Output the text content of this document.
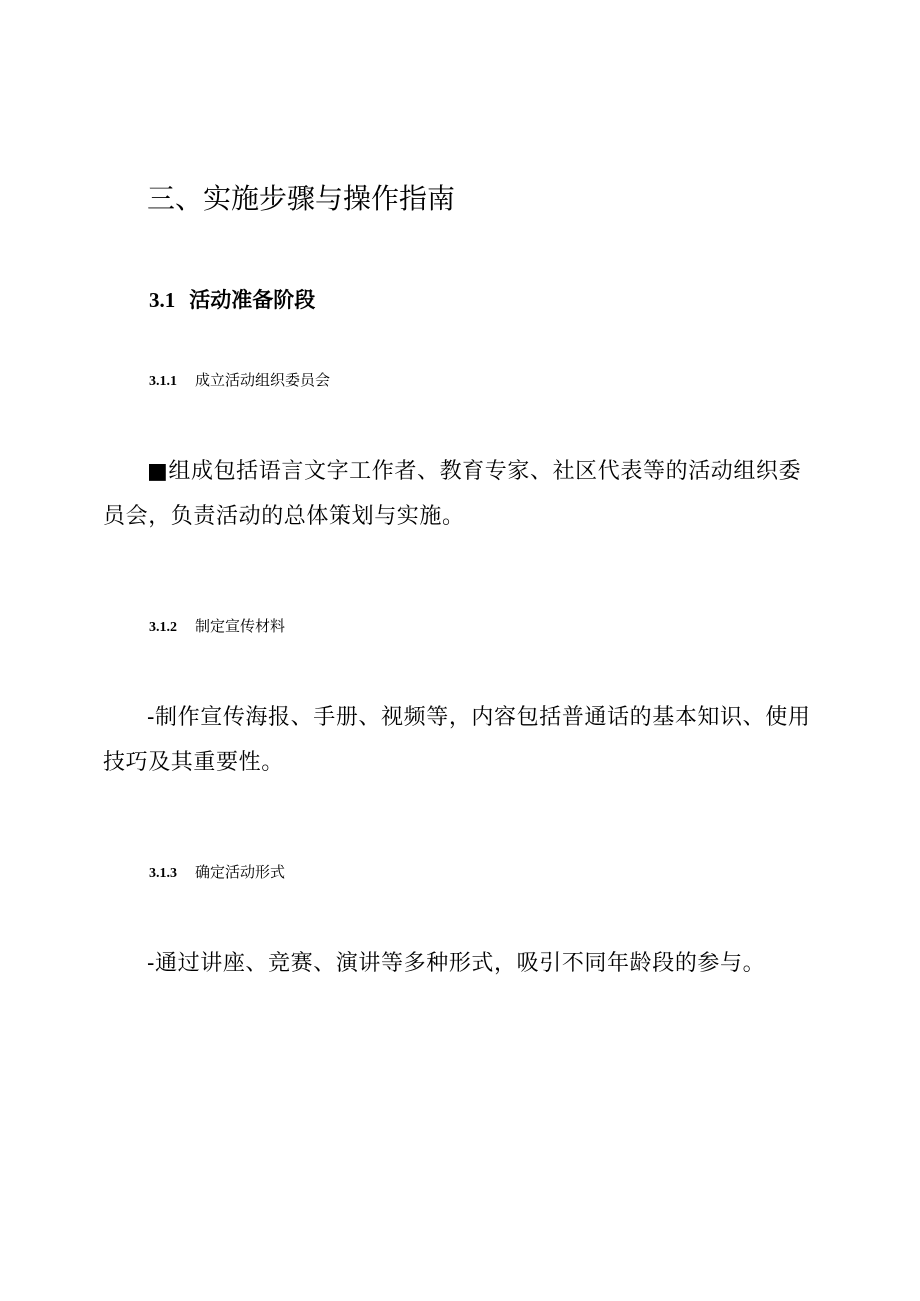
三、实施步骤与操作指南
3.1 活动准备阶段
3.1.1 成立活动组织委员会
■组成包括语言文字工作者、教育专家、社区代表等的活动组织委员会，负责活动的总体策划与实施。
3.1.2 制定宣传材料
-制作宣传海报、手册、视频等，内容包括普通话的基本知识、使用技巧及其重要性。
3.1.3 确定活动形式
-通过讲座、竞赛、演讲等多种形式，吸引不同年龄段的参与。
